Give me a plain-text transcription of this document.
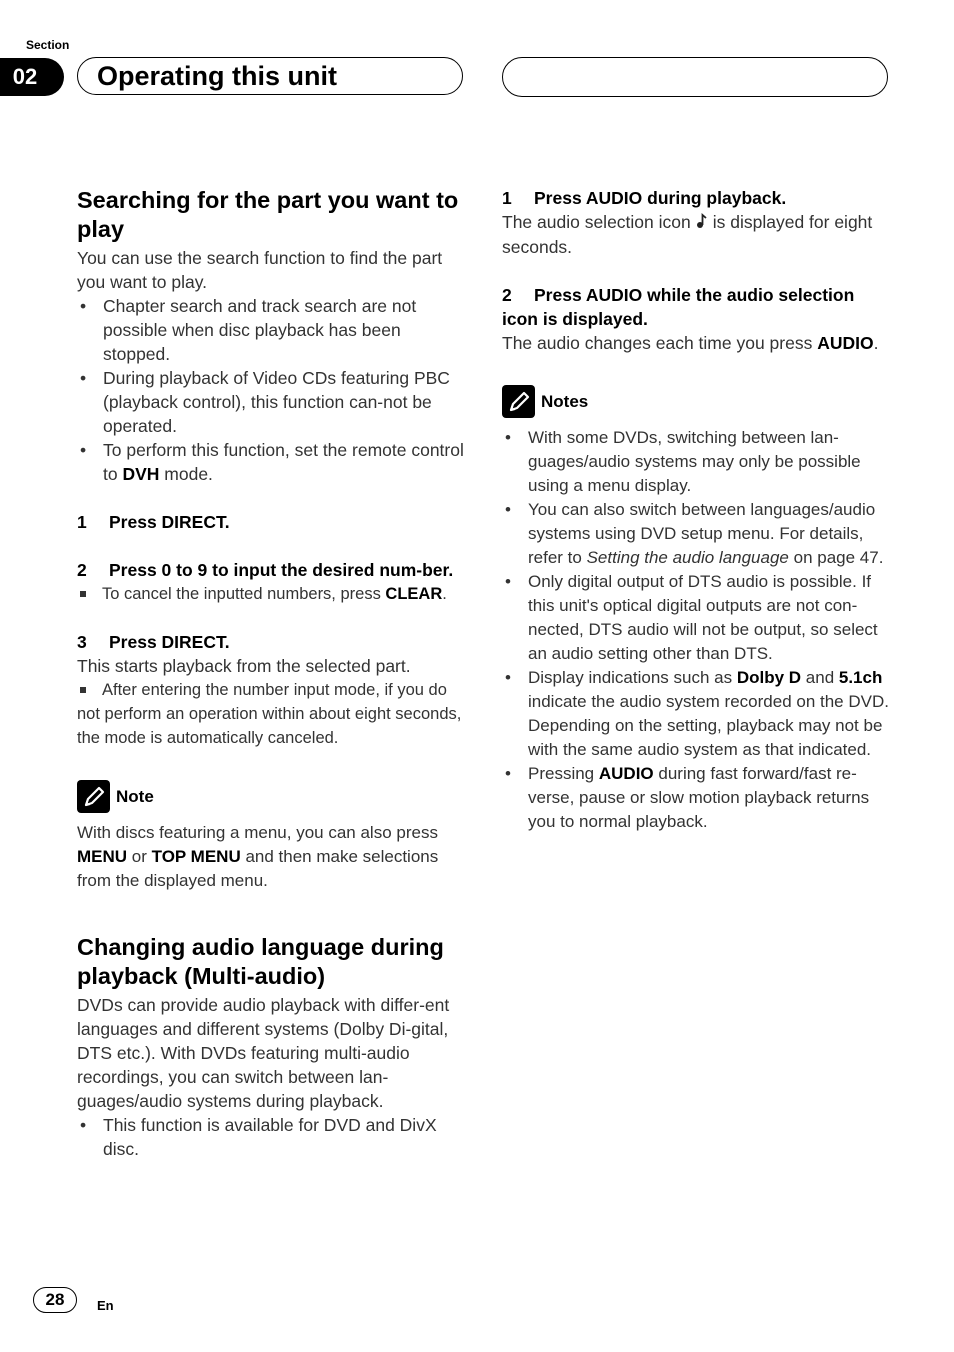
Section
02	Operating this unit
Searching for the part you want to play

You can use the search function to find the part you want to play.

• Chapter search and track search are not possible when disc playback has been stopped.

• During playback of Video CDs featuring PBC (playback control), this function can-not be operated.

• To perform this function, set the remote control to DVH mode.

1 Press DIRECT.

2 Press 0 to 9 to input the desired num-ber.

To cancel the inputted numbers, press CLEAR.

3 Press DIRECT.

This starts playback from the selected part.

After entering the number input mode, if you do not perform an operation within about eight seconds, the mode is automatically canceled.

Note

With discs featuring a menu, you can also press MENU or TOP MENU and then make selections from the displayed menu.

Changing audio language during playback (Multi-audio)

DVDs can provide audio playback with differ-ent languages and different systems (Dolby Di-gital, DTS etc.). With DVDs featuring multi-audio recordings, you can switch between lan-guages/audio systems during playback.

• This function is available for DVD and DivX disc.

1 Press AUDIO during playback.

The audio selection icon is displayed for eight seconds.

2 Press AUDIO while the audio selection icon is displayed.

The audio changes each time you press AUDIO.

Notes

• With some DVDs, switching between lan-guages/audio systems may only be possible using a menu display.

• You can also switch between languages/audio systems using DVD setup menu. For details, refer to Setting the audio language on page 47.

• Only digital output of DTS audio is possible. If this unit's optical digital outputs are not con-nected, DTS audio will not be output, so select an audio setting other than DTS.

• Display indications such as Dolby D and 5.1ch indicate the audio system recorded on the DVD. Depending on the setting, playback may not be with the same audio system as that indicated.

• Pressing AUDIO during fast forward/fast re-verse, pause or slow motion playback returns you to normal playback.

28	En
